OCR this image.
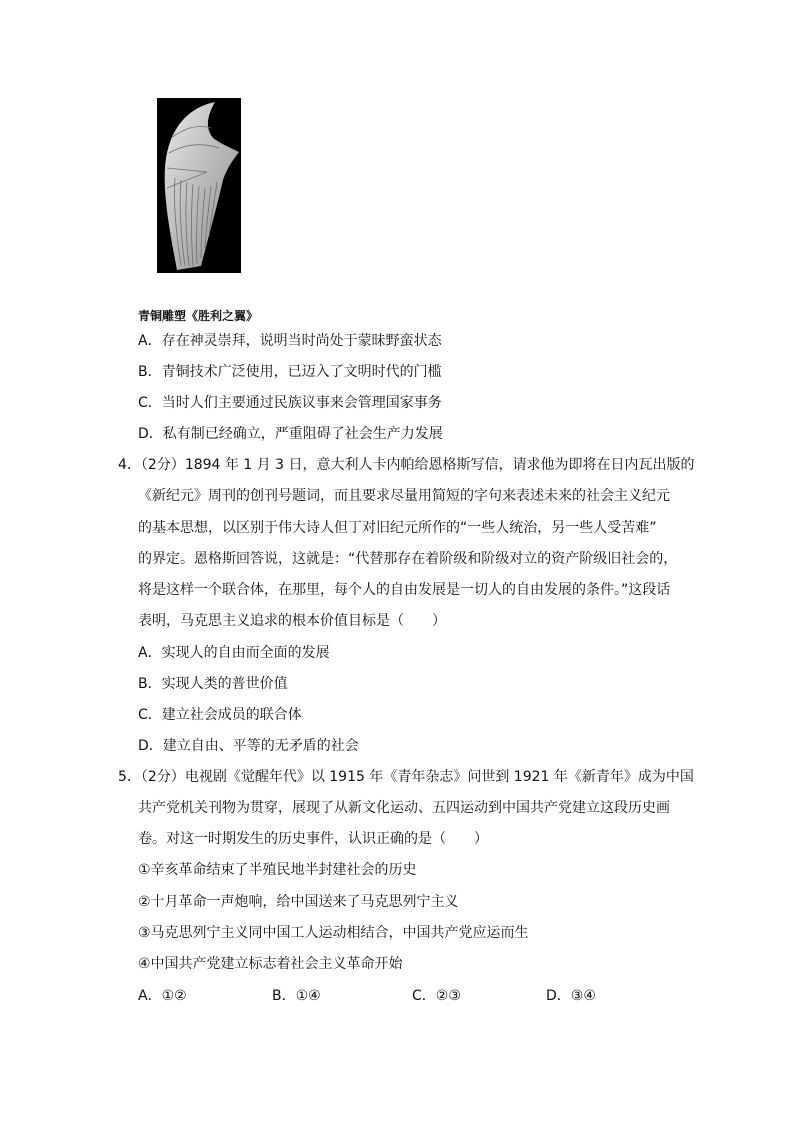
青铜雕塑《胜利之翼》
A．存在神灵崇拜，说明当时尚处于蒙昧野蛮状态
B．青铜技术广泛使用，已迈入了文明时代的门槛
C．当时人们主要通过民族议事来会管理国家事务
D．私有制已经确立，严重阻碍了社会生产力发展
4．（2分）1894 年 1 月 3 日，意大利人卡内帕给恩格斯写信，请求他为即将在日内瓦出版的
《新纪元》周刊的创刊号题词，而且要求尽量用简短的字句来表述未来的社会主义纪元
的基本思想，以区别于伟大诗人但丁对旧纪元所作的“一些人统治，另一些人受苦难”
的界定。恩格斯回答说，这就是：“代替那存在着阶级和阶级对立的资产阶级旧社会的，
将是这样一个联合体，在那里，每个人的自由发展是一切人的自由发展的条件。”这段话
表明，马克思主义追求的根本价值目标是（　　）
A．实现人的自由而全面的发展
B．实现人类的普世价值
C．建立社会成员的联合体
D．建立自由、平等的无矛盾的社会
5．（2分）电视剧《觉醒年代》以 1915 年《青年杂志》问世到 1921 年《新青年》成为中国
共产党机关刊物为贯穿，展现了从新文化运动、五四运动到中国共产党建立这段历史画
卷。对这一时期发生的历史事件，认识正确的是（　　）
①辛亥革命结束了半殖民地半封建社会的历史
②十月革命一声炮响，给中国送来了马克思列宁主义
③马克思列宁主义同中国工人运动相结合，中国共产党应运而生
④中国共产党建立标志着社会主义革命开始
A．①②	B．①④	C．②③	D．③④
